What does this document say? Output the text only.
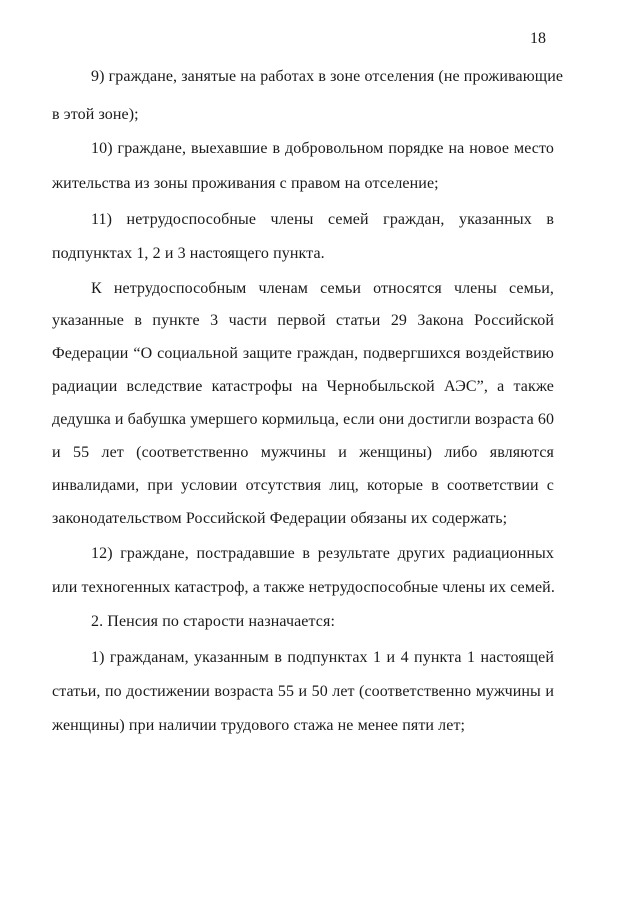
18
9) граждане, занятые на работах в зоне отселения (не проживающие
в этой зоне);
10) граждане, выехавшие в добровольном порядке на новое место
жительства из зоны проживания с правом на отселение;
11) нетрудоспособные члены семей граждан, указанных в
подпунктах 1, 2 и 3 настоящего пункта.
К нетрудоспособным членам семьи относятся члены семьи,
указанные в пункте 3 части первой статьи 29 Закона Российской
Федерации “О социальной защите граждан, подвергшихся воздействию
радиации вследствие катастрофы на Чернобыльской АЭС”, а также
дедушка и бабушка умершего кормильца, если они достигли возраста 60
и 55 лет (соответственно мужчины и женщины) либо являются
инвалидами, при условии отсутствия лиц, которые в соответствии с
законодательством Российской Федерации обязаны их содержать;
12) граждане, пострадавшие в результате других радиационных
или техногенных катастроф, а также нетрудоспособные члены их семей.
2. Пенсия по старости назначается:
1) гражданам, указанным в подпунктах 1 и 4 пункта 1 настоящей
статьи, по достижении возраста 55 и 50 лет (соответственно мужчины и
женщины) при наличии трудового стажа не менее пяти лет;
